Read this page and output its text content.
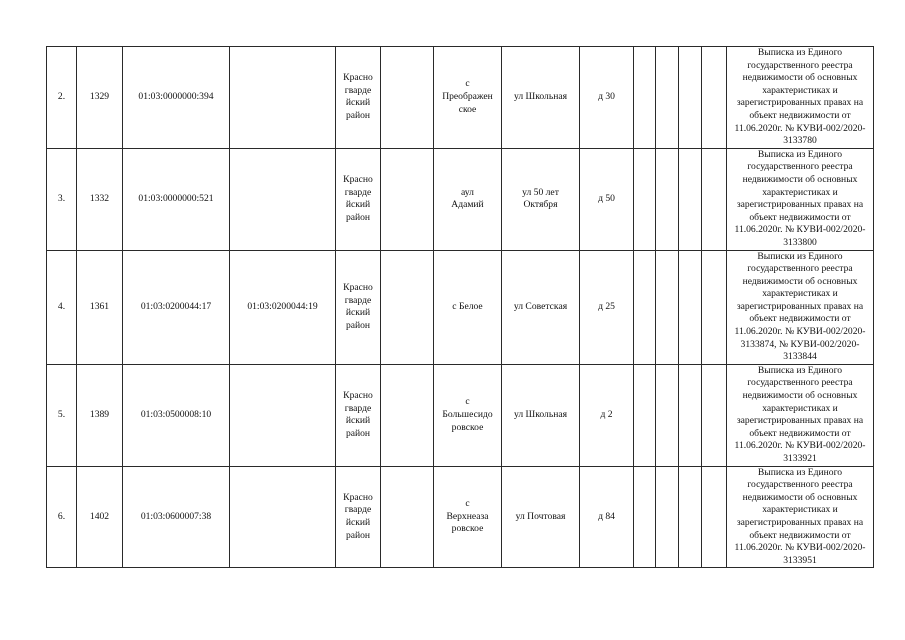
2.	1329	01:03:0000000:394		Красно
гварде
йский
район		с
Преображен
ское	ул Школьная	д 30					Выписка из Единого государственного реестра недвижимости об основных характеристиках и зарегистрированных правах на объект недвижимости от 11.06.2020г. № КУВИ-002/2020-3133780
3.	1332	01:03:0000000:521		Красно
гварде
йский
район		аул
Адамий	ул 50 лет
Октября	д 50					Выписка из Единого государственного реестра недвижимости об основных характеристиках и зарегистрированных правах на объект недвижимости от 11.06.2020г. № КУВИ-002/2020-3133800
4.	1361	01:03:0200044:17	01:03:0200044:19	Красно
гварде
йский
район		с Белое	ул Советская	д 25					Выписки из Единого государственного реестра недвижимости об основных характеристиках и зарегистрированных правах на объект недвижимости от 11.06.2020г. № КУВИ-002/2020-3133874, № КУВИ-002/2020-3133844
5.	1389	01:03:0500008:10		Красно
гварде
йский
район		с
Большесидо
ровское	ул Школьная	д 2					Выписка из Единого государственного реестра недвижимости об основных характеристиках и зарегистрированных правах на объект недвижимости от 11.06.2020г. № КУВИ-002/2020-3133921
6.	1402	01:03:0600007:38		Красно
гварде
йский
район		с
Верхнеаза
ровское	ул Почтовая	д 84					Выписка из Единого государственного реестра недвижимости об основных характеристиках и зарегистрированных правах на объект недвижимости от 11.06.2020г. № КУВИ-002/2020-3133951
